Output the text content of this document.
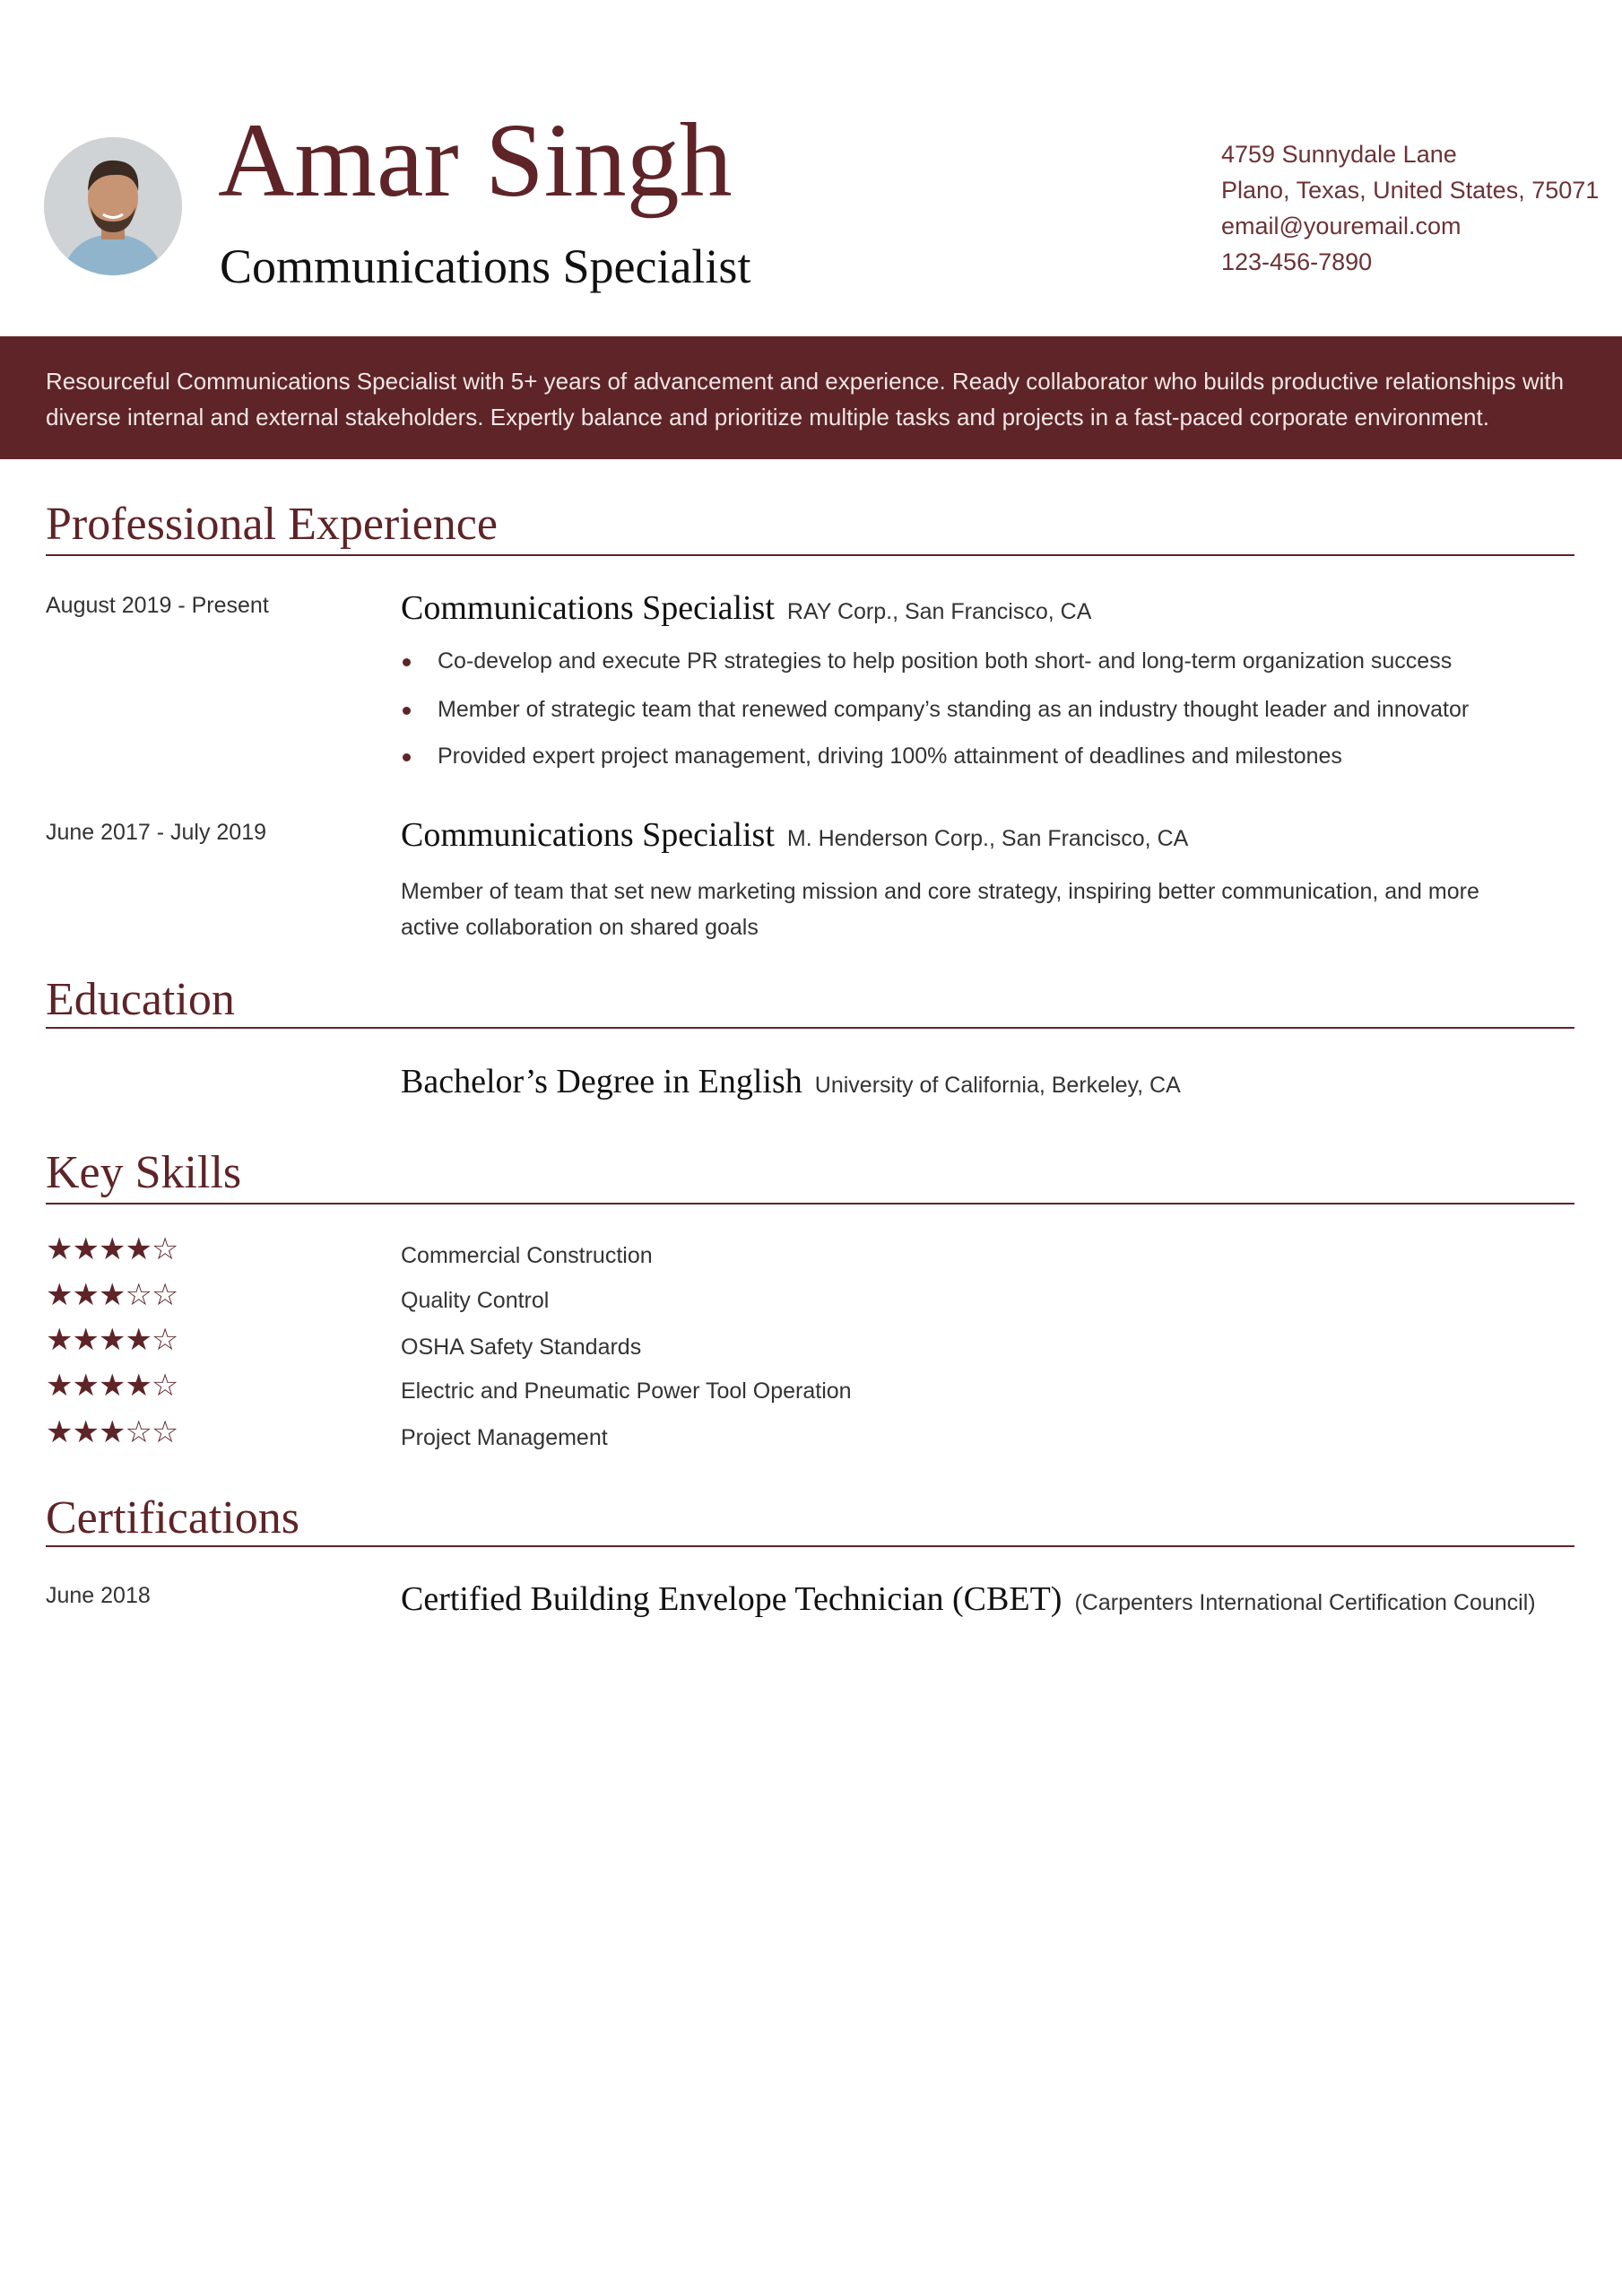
Amar Singh
Communications Specialist
4759 Sunnydale Lane
Plano, Texas, United States, 75071
email@youremail.com
123-456-7890

Resourceful Communications Specialist with 5+ years of advancement and experience. Ready collaborator who builds productive relationships with diverse internal and external stakeholders. Expertly balance and prioritize multiple tasks and projects in a fast-paced corporate environment.

Professional Experience
August 2019 - Present	Communications Specialist RAY Corp., San Francisco, CA
Co-develop and execute PR strategies to help position both short- and long-term organization success
Member of strategic team that renewed company’s standing as an industry thought leader and innovator
Provided expert project management, driving 100% attainment of deadlines and milestones
June 2017 - July 2019	Communications Specialist M. Henderson Corp., San Francisco, CA
Member of team that set new marketing mission and core strategy, inspiring better communication, and more active collaboration on shared goals
Education
Bachelor’s Degree in English University of California, Berkeley, CA
Key Skills
★★★★☆	Commercial Construction
★★★☆☆	Quality Control
★★★★☆	OSHA Safety Standards
★★★★☆	Electric and Pneumatic Power Tool Operation
★★★☆☆	Project Management
Certifications
June 2018	Certified Building Envelope Technician (CBET) (Carpenters International Certification Council)
